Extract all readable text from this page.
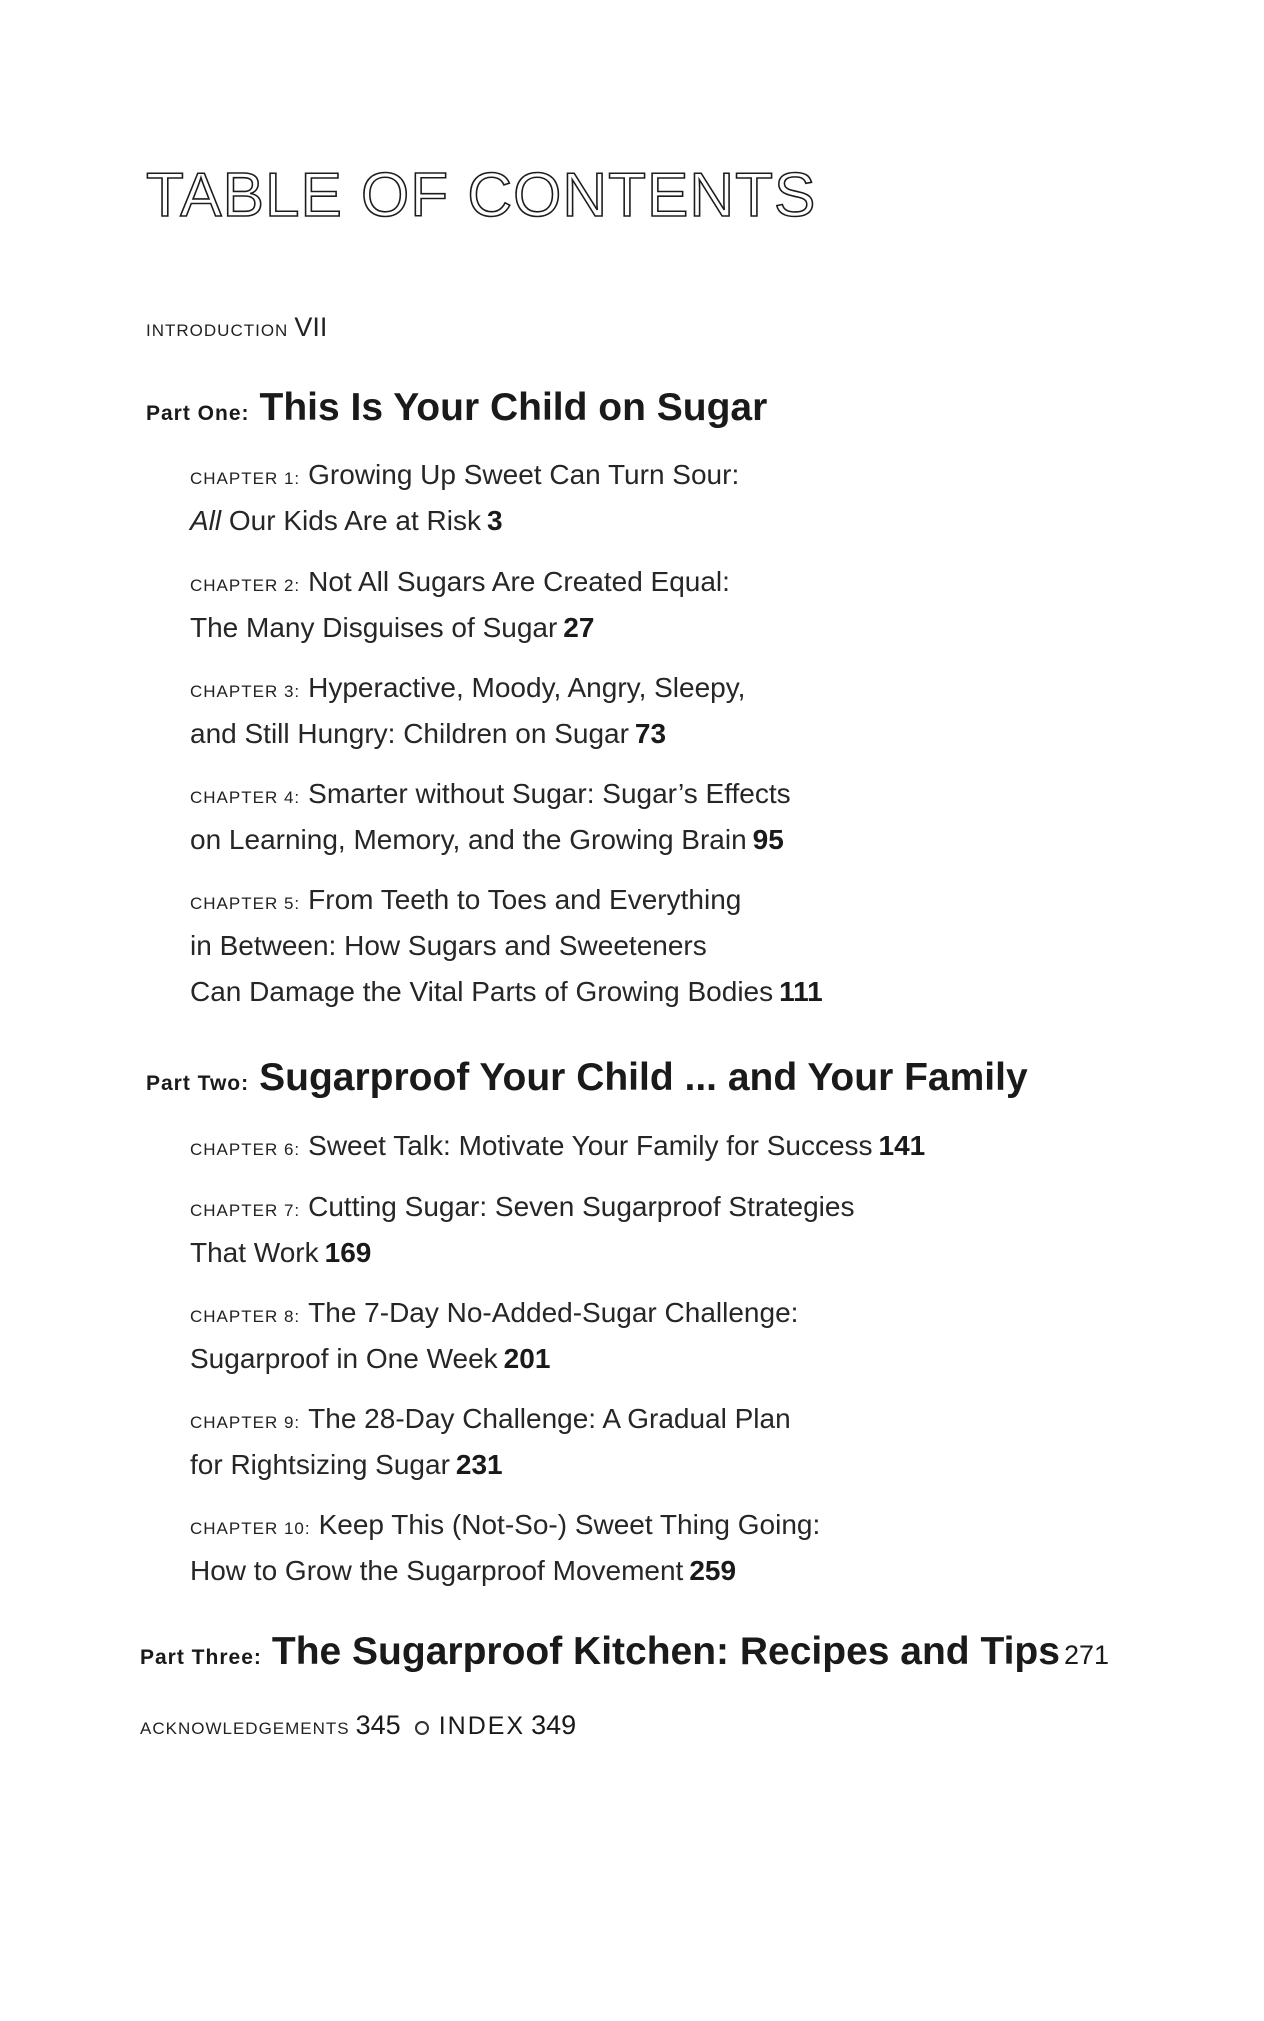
TABLE OF CONTENTS
INTRODUCTION VII
Part One: This Is Your Child on Sugar
CHAPTER 1: Growing Up Sweet Can Turn Sour:
All Our Kids Are at Risk 3
CHAPTER 2: Not All Sugars Are Created Equal:
The Many Disguises of Sugar 27
CHAPTER 3: Hyperactive, Moody, Angry, Sleepy,
and Still Hungry: Children on Sugar 73
CHAPTER 4: Smarter without Sugar: Sugar’s Effects
on Learning, Memory, and the Growing Brain 95
CHAPTER 5: From Teeth to Toes and Everything
in Between: How Sugars and Sweeteners
Can Damage the Vital Parts of Growing Bodies 111
Part Two: Sugarproof Your Child ... and Your Family
CHAPTER 6: Sweet Talk: Motivate Your Family for Success 141
CHAPTER 7: Cutting Sugar: Seven Sugarproof Strategies
That Work 169
CHAPTER 8: The 7-Day No-Added-Sugar Challenge:
Sugarproof in One Week 201
CHAPTER 9: The 28-Day Challenge: A Gradual Plan
for Rightsizing Sugar 231
CHAPTER 10: Keep This (Not-So-) Sweet Thing Going:
How to Grow the Sugarproof Movement 259
Part Three: The Sugarproof Kitchen: Recipes and Tips 271
ACKNOWLEDGEMENTS 345 INDEX 349
